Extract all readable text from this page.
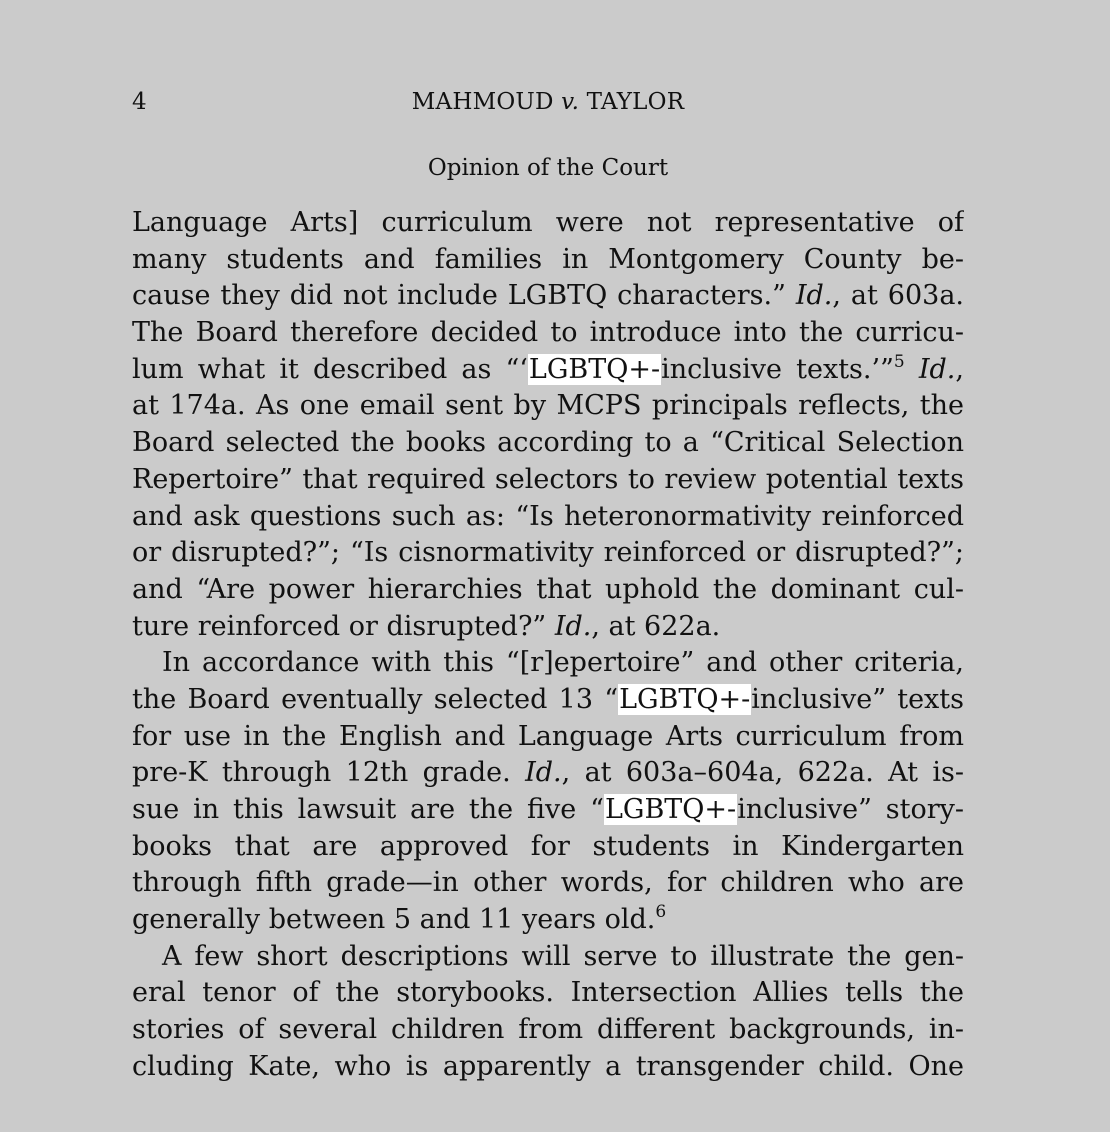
4	MAHMOUD v. TAYLOR
Opinion of the Court
Language Arts] curriculum were not representative of
many students and families in Montgomery County be-
cause they did not include LGBTQ characters.” Id., at 603a.
The Board therefore decided to introduce into the curricu-
lum what it described as “‘LGBTQ+-inclusive texts.’”$^5$ Id.,
at 174a. As one email sent by MCPS principals reflects, the
Board selected the books according to a “Critical Selection
Repertoire” that required selectors to review potential texts
and ask questions such as: “Is heteronormativity reinforced
or disrupted?”; “Is cisnormativity reinforced or disrupted?”;
and “Are power hierarchies that uphold the dominant cul-
ture reinforced or disrupted?” Id., at 622a.
In accordance with this “[r]epertoire” and other criteria,
the Board eventually selected 13 “LGBTQ+-inclusive” texts
for use in the English and Language Arts curriculum from
pre-K through 12th grade. Id., at 603a–604a, 622a. At is-
sue in this lawsuit are the five “LGBTQ+-inclusive” story-
books that are approved for students in Kindergarten
through fifth grade—in other words, for children who are
generally between 5 and 11 years old.$^6$
A few short descriptions will serve to illustrate the gen-
eral tenor of the storybooks. Intersection Allies tells the
stories of several children from different backgrounds, in-
cluding Kate, who is apparently a transgender child. One
